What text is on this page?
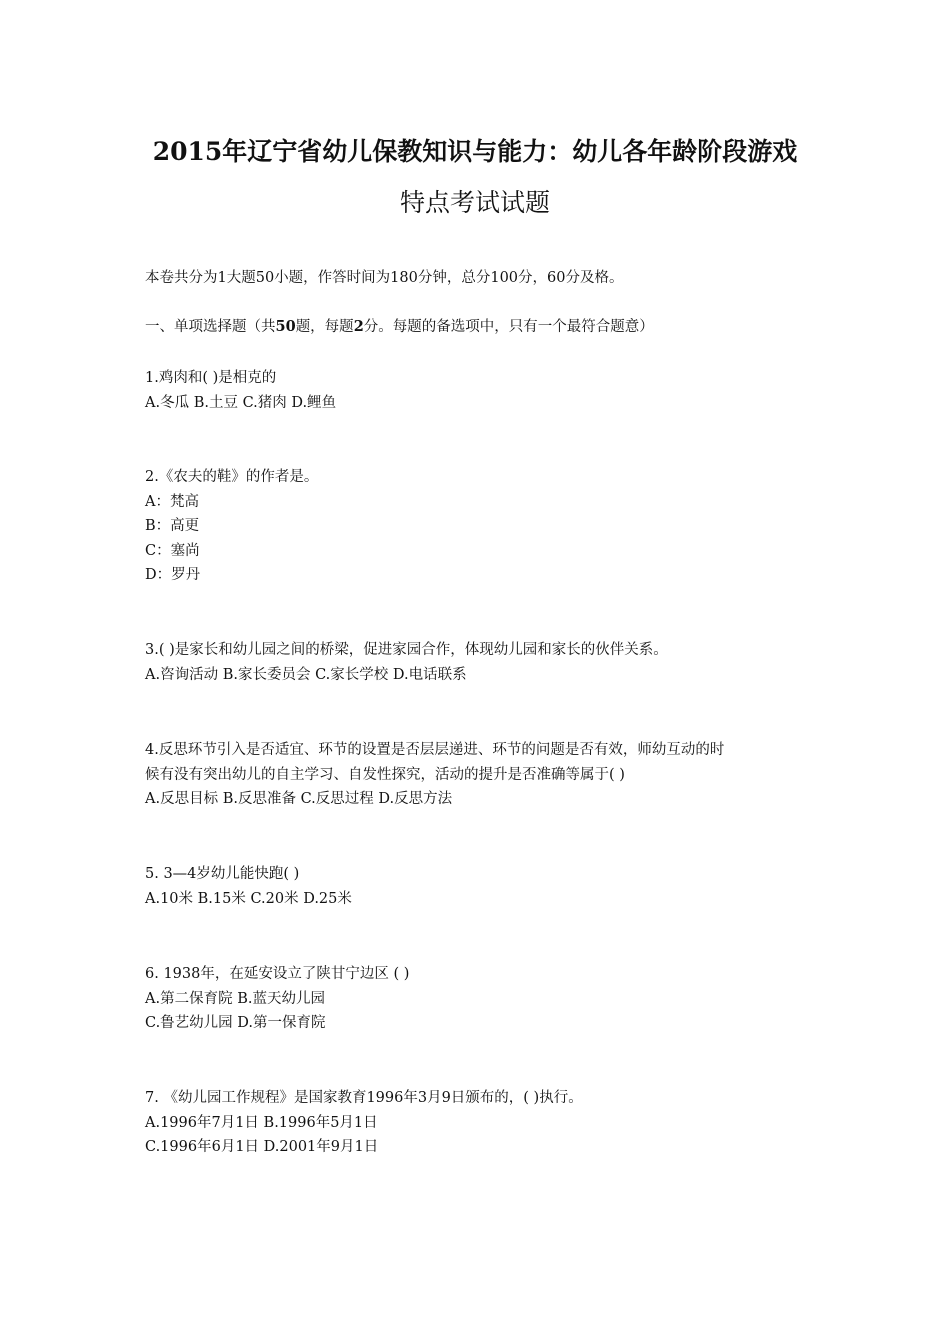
2015年辽宁省幼儿保教知识与能力：幼儿各年龄阶段游戏
特点考试试题
本卷共分为1大题50小题，作答时间为180分钟，总分100分，60分及格。
一、单项选择题（共50题，每题2分。每题的备选项中，只有一个最符合题意）
1.鸡肉和( )是相克的
A.冬瓜 B.土豆 C.猪肉 D.鲤鱼
2.《农夫的鞋》的作者是。
A：梵高
B：高更
C：塞尚
D：罗丹
3.( )是家长和幼儿园之间的桥梁，促进家园合作，体现幼儿园和家长的伙伴关系。
A.咨询活动 B.家长委员会 C.家长学校 D.电话联系
4.反思环节引入是否适宜、环节的设置是否层层递进、环节的问题是否有效，师幼互动的时
候有没有突出幼儿的自主学习、自发性探究，活动的提升是否准确等属于( )
A.反思目标 B.反思准备 C.反思过程 D.反思方法
5. 3—4岁幼儿能快跑( )
A.10米 B.15米 C.20米 D.25米
6. 1938年，在延安设立了陕甘宁边区 ( )
A.第二保育院 B.蓝天幼儿园
C.鲁艺幼儿园 D.第一保育院
7. 《幼儿园工作规程》是国家教育1996年3月9日颁布的，( )执行。
A.1996年7月1日 B.1996年5月1日
C.1996年6月1日 D.2001年9月1日
